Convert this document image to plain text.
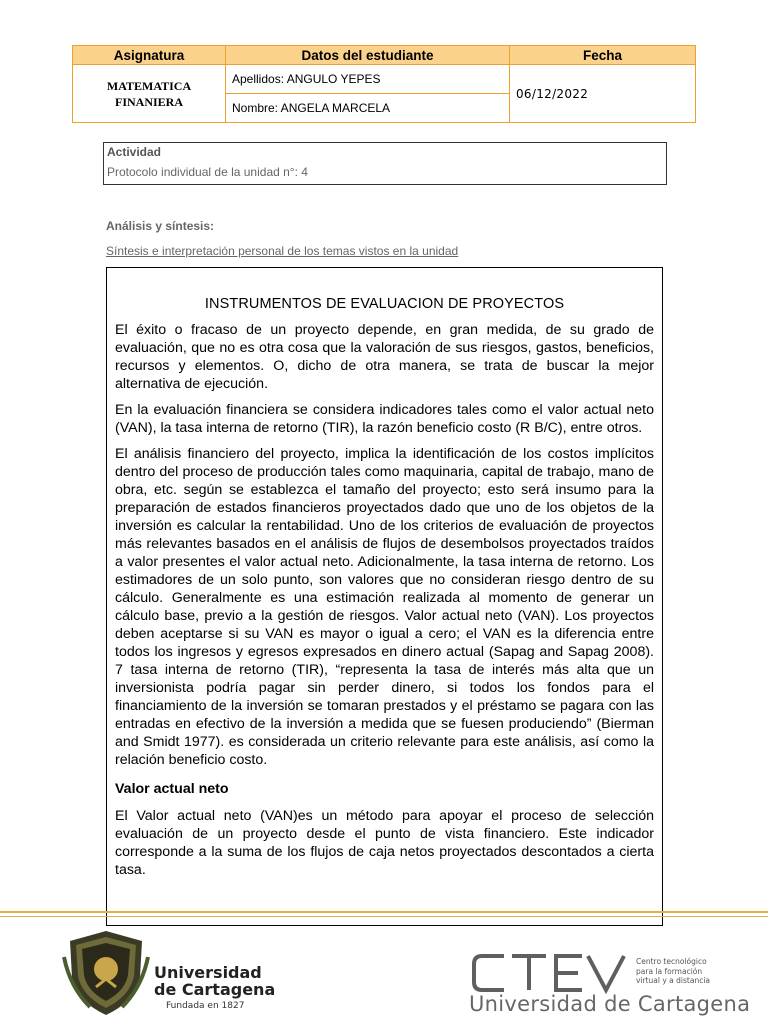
Asignatura	Datos del estudiante	Fecha

MATEMATICA
FINANIERA	Apellidos: ANGULO YEPES	06/12/2022
	Nombre: ANGELA MARCELA	
Actividad
Protocolo individual de la unidad n°: 4
Análisis y síntesis:
Síntesis e interpretación personal de los temas vistos en la unidad
INSTRUMENTOS DE EVALUACION DE PROYECTOS

El éxito o fracaso de un proyecto depende, en gran medida, de su grado de evaluación, que no es otra cosa que la valoración de sus riesgos, gastos, beneficios, recursos y elementos. O, dicho de otra manera, se trata de buscar la mejor alternativa de ejecución.

En la evaluación financiera se considera indicadores tales como el valor actual neto (VAN), la tasa interna de retorno (TIR), la razón beneficio costo (R B/C), entre otros.

El análisis financiero del proyecto, implica la identificación de los costos implícitos dentro del proceso de producción tales como maquinaria, capital de trabajo, mano de obra, etc. según se establezca el tamaño del proyecto; esto será insumo para la preparación de estados financieros proyectados dado que uno de los objetos de la inversión es calcular la rentabilidad. Uno de los criterios de evaluación de proyectos más relevantes basados en el análisis de flujos de desembolsos proyectados traídos a valor presentes el valor actual neto. Adicionalmente, la tasa interna de retorno. Los estimadores de un solo punto, son valores que no consideran riesgo dentro de su cálculo. Generalmente es una estimación realizada al momento de generar un cálculo base, previo a la gestión de riesgos. Valor actual neto (VAN). Los proyectos deben aceptarse si su VAN es mayor o igual a cero; el VAN es la diferencia entre todos los ingresos y egresos expresados en dinero actual (Sapag and Sapag 2008). 7 tasa interna de retorno (TIR), “representa la tasa de interés más alta que un inversionista podría pagar sin perder dinero, si todos los fondos para el financiamiento de la inversión se tomaran prestados y el préstamo se pagara con las entradas en efectivo de la inversión a medida que se fuesen produciendo” (Bierman and Smidt 1977). es considerada un criterio relevante para este análisis, así como la relación beneficio costo.

Valor actual neto

El Valor actual neto (VAN)es un método para apoyar el proceso de selección evaluación de un proyecto desde el punto de vista financiero. Este indicador corresponde a la suma de los flujos de caja netos proyectados descontados a cierta tasa.

Universidad
de Cartagena
Fundada en 1827
Centro tecnológico
para la formación
virtual y a distancia
Universidad de Cartagena
